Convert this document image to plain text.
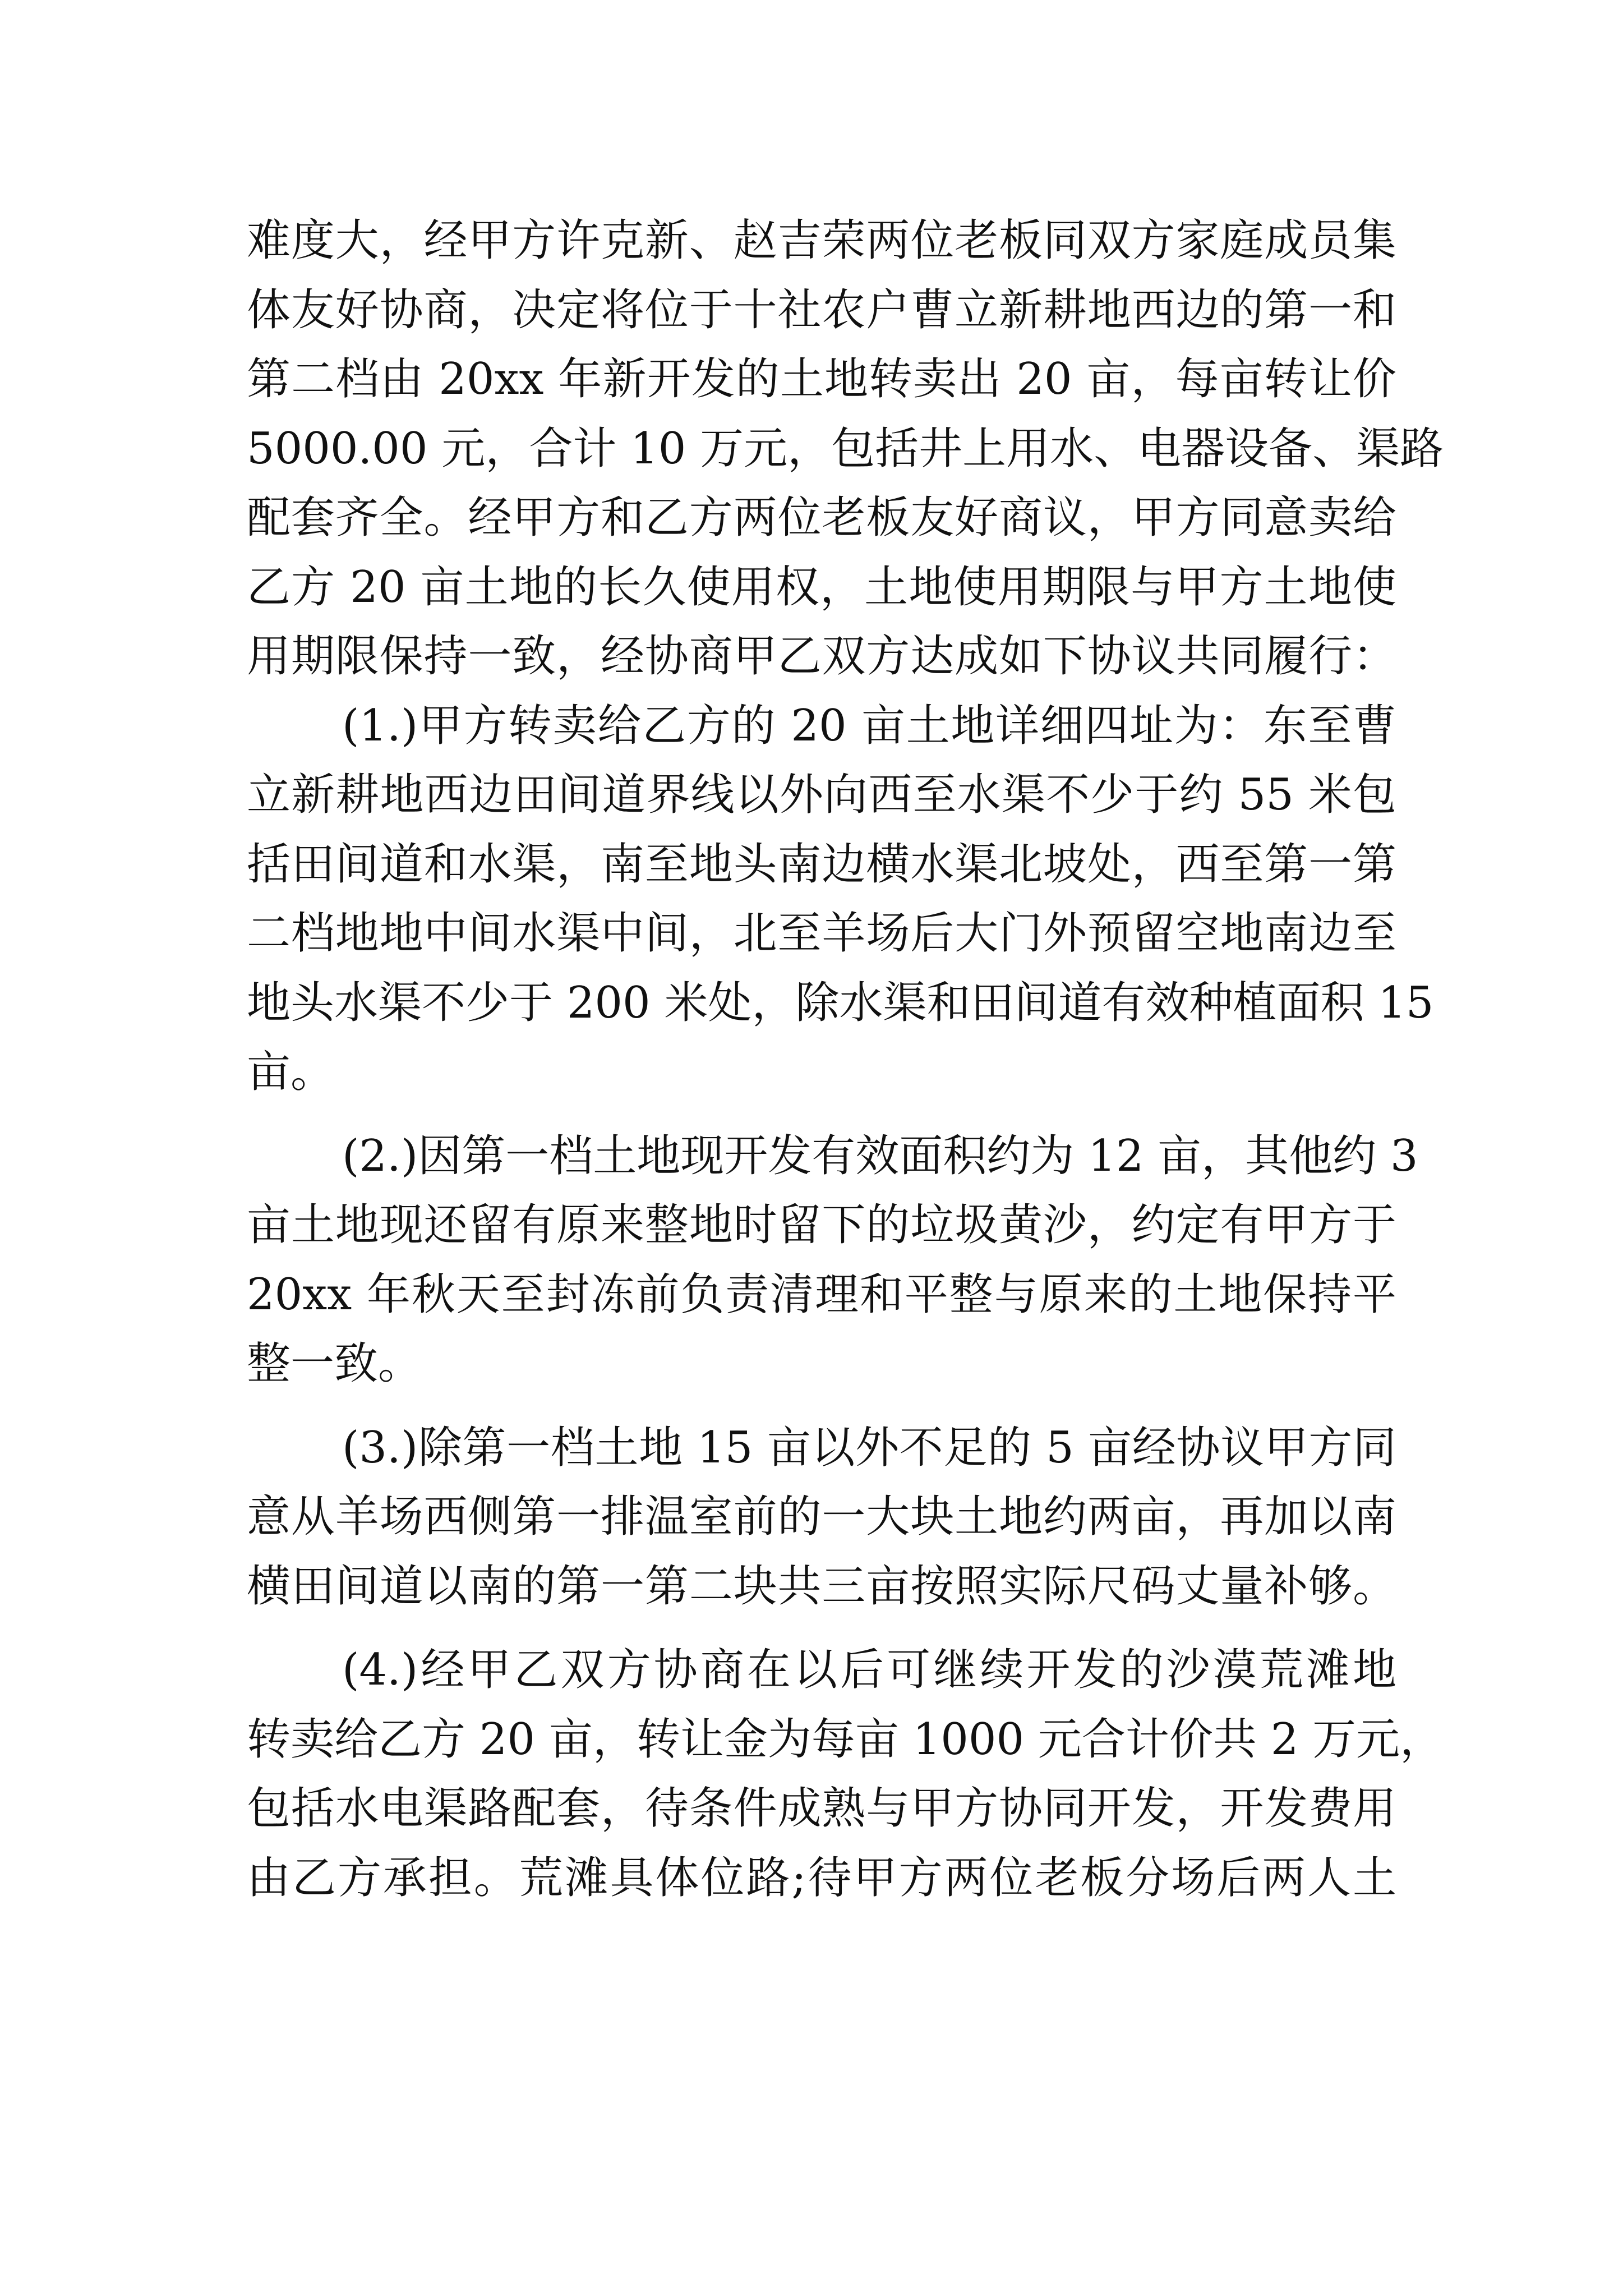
难度大，经甲方许克新、赵吉荣两位老板同双方家庭成员集
体友好协商，决定将位于十社农户曹立新耕地西边的第一和
第二档由 20xx 年新开发的土地转卖出 20 亩，每亩转让价
5000.00 元，合计 10 万元，包括井上用水、电器设备、渠路
配套齐全。经甲方和乙方两位老板友好商议，甲方同意卖给
乙方 20 亩土地的长久使用权，土地使用期限与甲方土地使
用期限保持一致，经协商甲乙双方达成如下协议共同履行：
(1.)甲方转卖给乙方的 20 亩土地详细四址为：东至曹
立新耕地西边田间道界线以外向西至水渠不少于约 55 米包
括田间道和水渠，南至地头南边横水渠北坡处，西至第一第
二档地地中间水渠中间，北至羊场后大门外预留空地南边至
地头水渠不少于 200 米处，除水渠和田间道有效种植面积 15
亩。
(2.)因第一档土地现开发有效面积约为 12 亩，其他约 3
亩土地现还留有原来整地时留下的垃圾黄沙，约定有甲方于
20xx 年秋天至封冻前负责清理和平整与原来的土地保持平
整一致。
(3.)除第一档土地 15 亩以外不足的 5 亩经协议甲方同
意从羊场西侧第一排温室前的一大块土地约两亩，再加以南
横田间道以南的第一第二块共三亩按照实际尺码丈量补够。
(4.)经甲乙双方协商在以后可继续开发的沙漠荒滩地
转卖给乙方 20 亩，转让金为每亩 1000 元合计价共 2 万元，
包括水电渠路配套，待条件成熟与甲方协同开发，开发费用
由乙方承担。荒滩具体位路;待甲方两位老板分场后两人土
